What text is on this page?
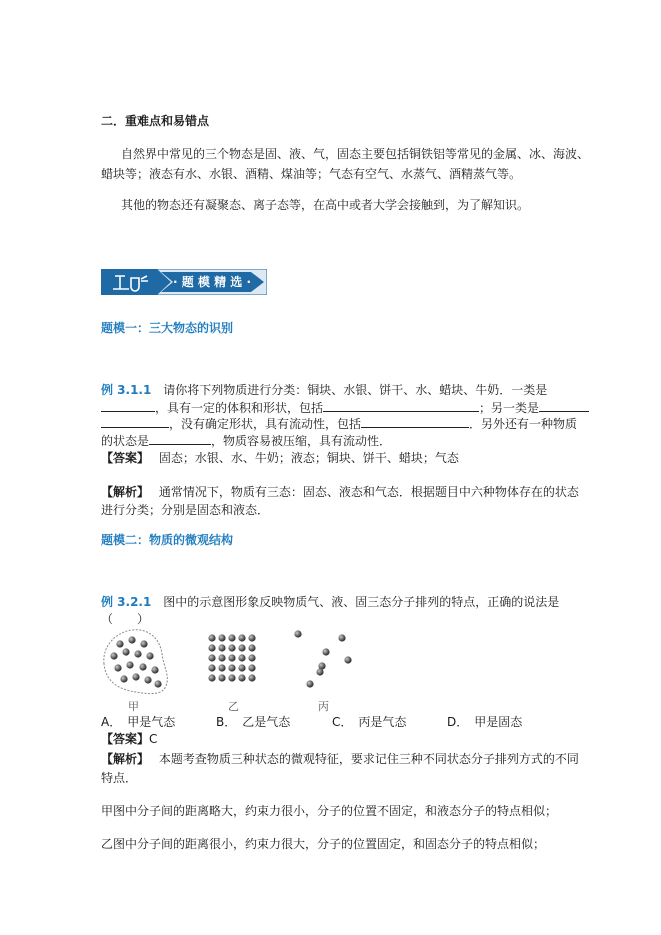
二．重难点和易错点
自然界中常见的三个物态是固、液、气，固态主要包括铜铁铝等常见的金属、冰、海波、
蜡块等；液态有水、水银、酒精、煤油等；气态有空气、水蒸气、酒精蒸气等。
其他的物态还有凝聚态、离子态等，在高中或者大学会接触到，为了解知识。
· 题 模 精 选 ·
题模一：三大物态的识别
例 3.1.1 请你将下列物质进行分类：铜块、水银、饼干、水、蜡块、牛奶．一类是
，具有一定的体积和形状，包括	；另一类是
，没有确定形状，具有流动性，包括	．另外还有一种物质
的状态是	，物质容易被压缩，具有流动性．
【答案】 固态；水银、水、牛奶；液态；铜块、饼干、蜡块；气态
【解析】 通常情况下，物质有三态：固态、液态和气态．根据题目中六种物体存在的状态
进行分类；分别是固态和液态．
题模二：物质的微观结构
例 3.2.1 图中的示意图形象反映物质气、液、固三态分子排列的特点，正确的说法是
（　　）
甲	乙	丙
A． 甲是气态	B． 乙是气态	C． 丙是气态	D． 甲是固态
【答案】C
【解析】 本题考查物质三种状态的微观特征，要求记住三种不同状态分子排列方式的不同
特点．
甲图中分子间的距离略大，约束力很小，分子的位置不固定，和液态分子的特点相似；
乙图中分子间的距离很小，约束力很大，分子的位置固定，和固态分子的特点相似；
